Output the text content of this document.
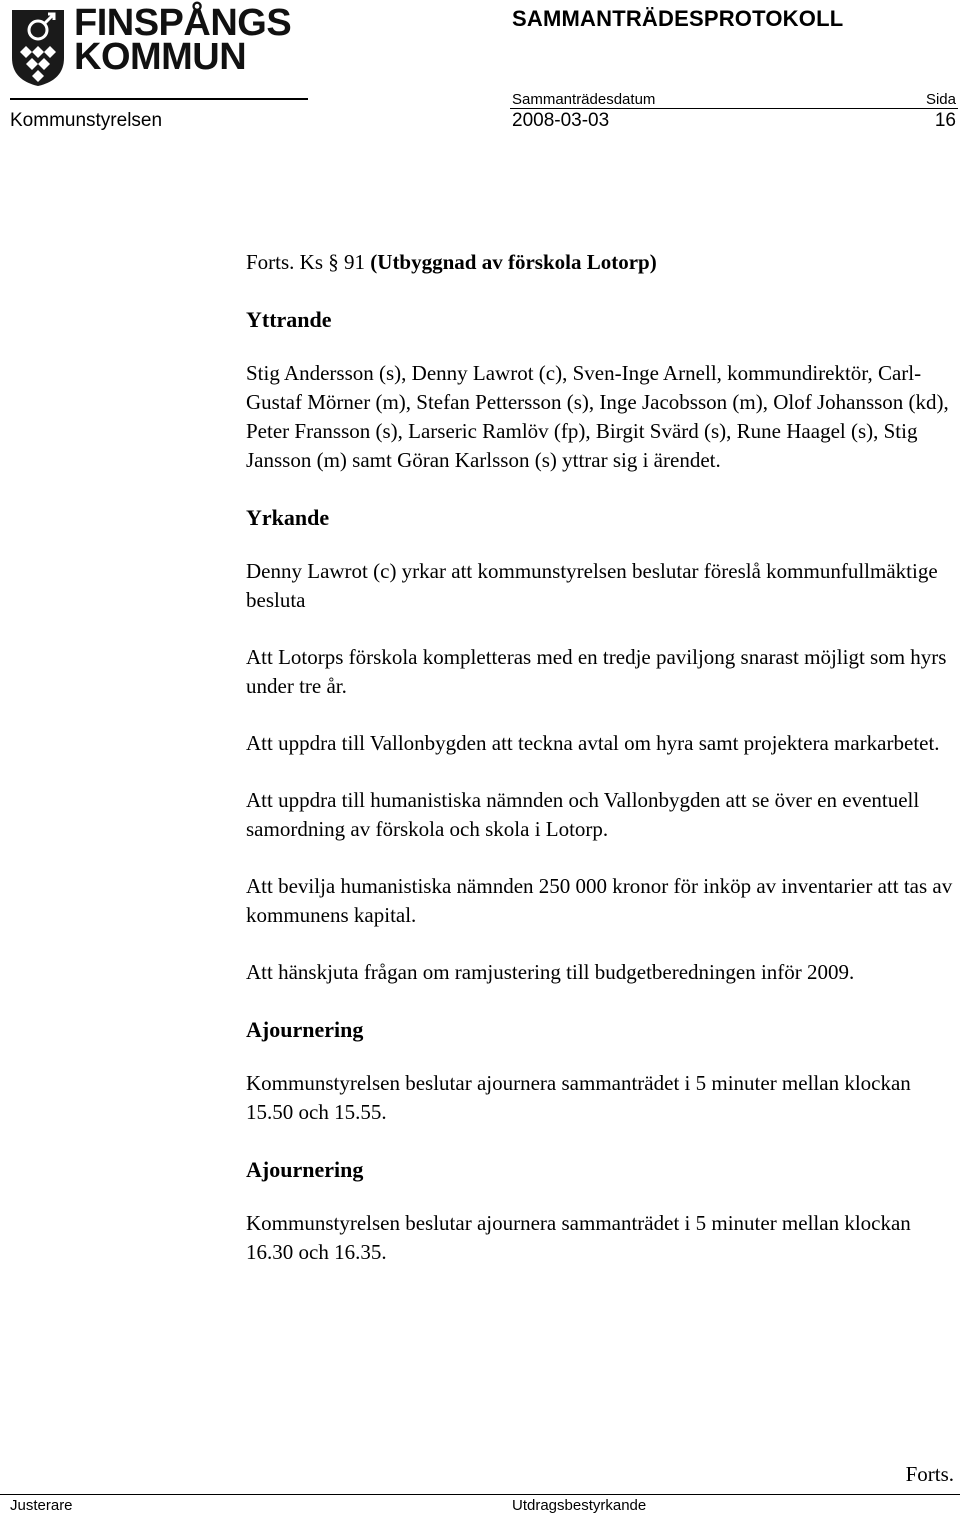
FINSPÅNGS
KOMMUN
SAMMANTRÄDESPROTOKOLL
Sammanträdesdatum	Sida
Kommunstyrelsen	2008-03-03	16

Forts. Ks § 91 (Utbyggnad av förskola Lotorp)

Yttrande

Stig Andersson (s), Denny Lawrot (c), Sven-Inge Arnell, kommundirektör, Carl-Gustaf Mörner (m), Stefan Pettersson (s), Inge Jacobsson (m), Olof Johansson (kd), Peter Fransson (s), Larseric Ramlöv (fp), Birgit Svärd (s), Rune Haagel (s), Stig Jansson (m) samt Göran Karlsson (s) yttrar sig i ärendet.

Yrkande

Denny Lawrot (c) yrkar att kommunstyrelsen beslutar föreslå kommunfullmäktige besluta

Att Lotorps förskola kompletteras med en tredje paviljong snarast möjligt som hyrs under tre år.

Att uppdra till Vallonbygden att teckna avtal om hyra samt projektera markarbetet.

Att uppdra till humanistiska nämnden och Vallonbygden att se över en eventuell samordning av förskola och skola i Lotorp.

Att bevilja humanistiska nämnden 250 000 kronor för inköp av inventarier att tas av kommunens kapital.

Att hänskjuta frågan om ramjustering till budgetberedningen inför 2009.

Ajournering

Kommunstyrelsen beslutar ajournera sammanträdet i 5 minuter mellan klockan 15.50 och 15.55.

Ajournering

Kommunstyrelsen beslutar ajournera sammanträdet i 5 minuter mellan klockan 16.30 och 16.35.

Forts.
Justerare	Utdragsbestyrkande
